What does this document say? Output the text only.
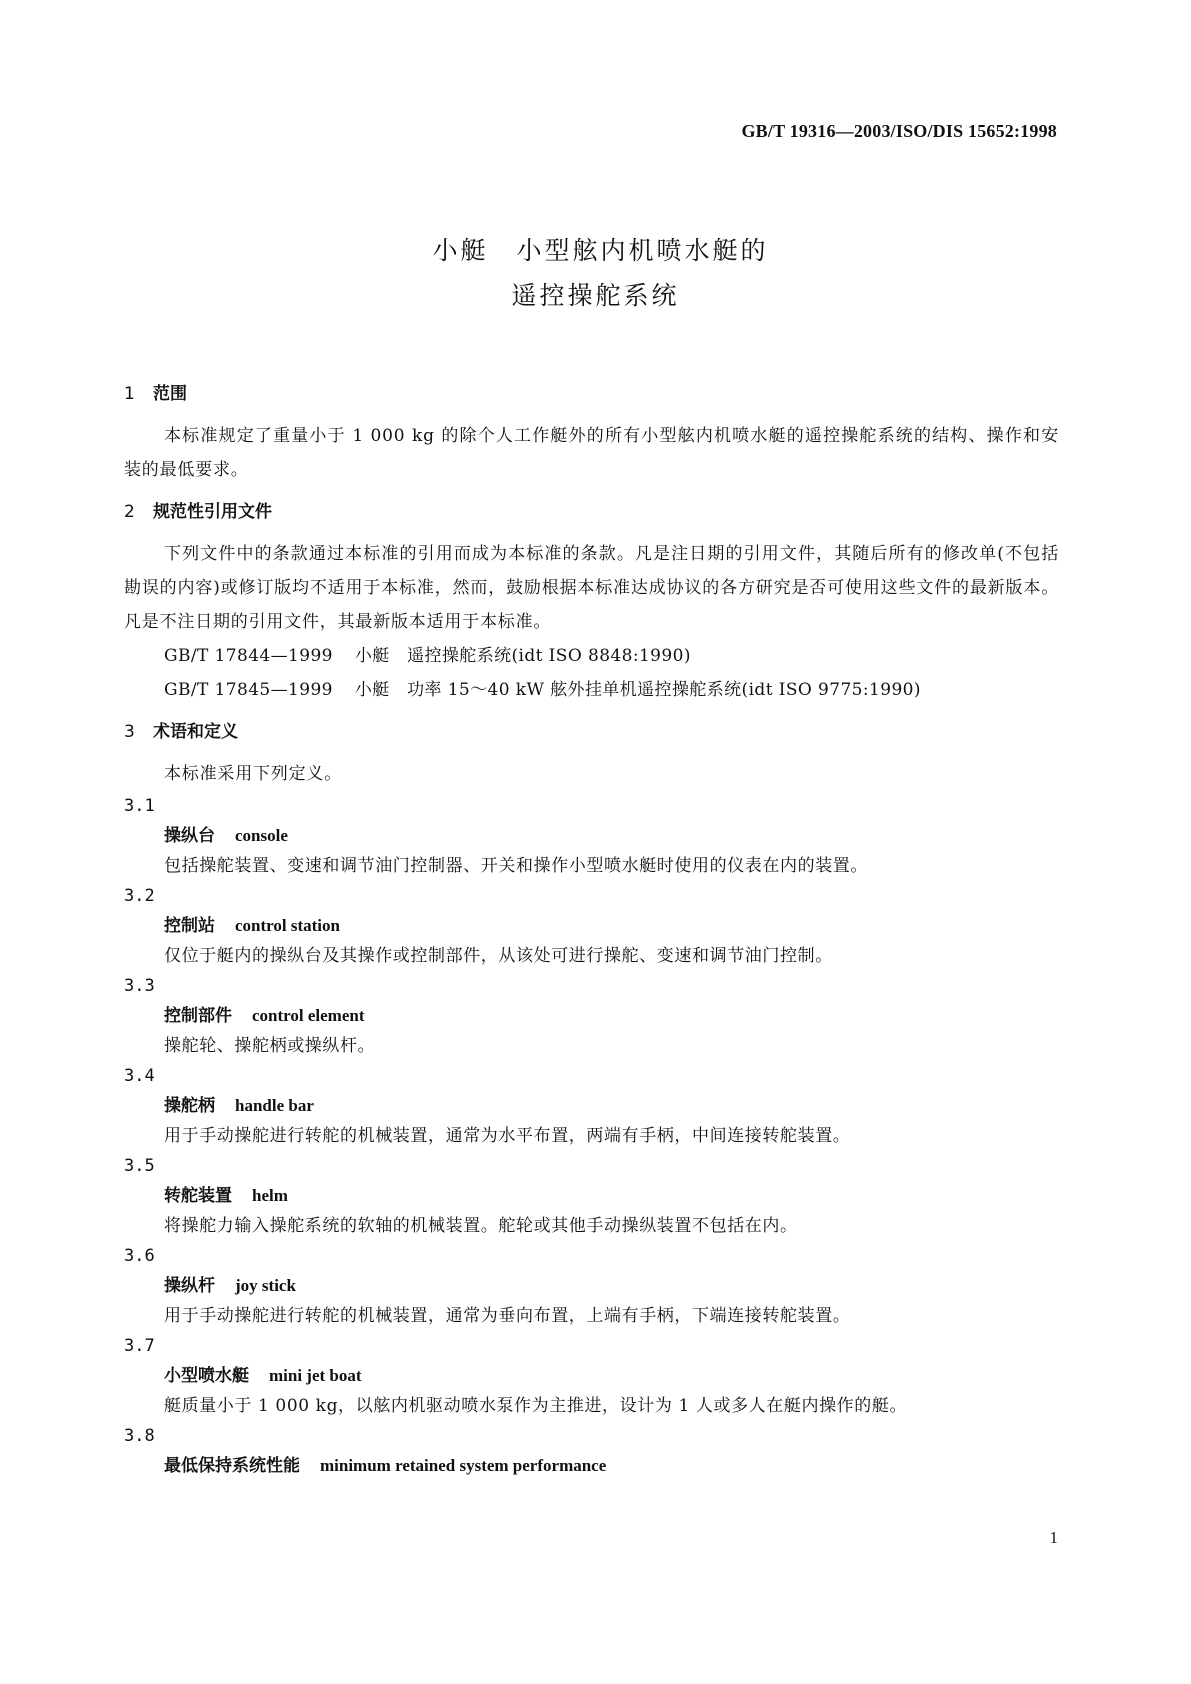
GB/T 19316—2003/ISO/DIS 15652:1998
小艇　小型舷内机喷水艇的
遥控操舵系统
1 范围
本标准规定了重量小于 1 000 kg 的除个人工作艇外的所有小型舷内机喷水艇的遥控操舵系统的结构、操作和安装的最低要求。
2 规范性引用文件
下列文件中的条款通过本标准的引用而成为本标准的条款。凡是注日期的引用文件，其随后所有的修改单(不包括勘误的内容)或修订版均不适用于本标准，然而，鼓励根据本标准达成协议的各方研究是否可使用这些文件的最新版本。凡是不注日期的引用文件，其最新版本适用于本标准。
GB/T 17844—1999 小艇　遥控操舵系统(idt ISO 8848:1990)
GB/T 17845—1999 小艇　功率 15～40 kW 舷外挂单机遥控操舵系统(idt ISO 9775:1990)
3 术语和定义
本标准采用下列定义。
3.1
操纵台 console
包括操舵装置、变速和调节油门控制器、开关和操作小型喷水艇时使用的仪表在内的装置。
3.2
控制站 control station
仅位于艇内的操纵台及其操作或控制部件，从该处可进行操舵、变速和调节油门控制。
3.3
控制部件 control element
操舵轮、操舵柄或操纵杆。
3.4
操舵柄 handle bar
用于手动操舵进行转舵的机械装置，通常为水平布置，两端有手柄，中间连接转舵装置。
3.5
转舵装置 helm
将操舵力输入操舵系统的软轴的机械装置。舵轮或其他手动操纵装置不包括在内。
3.6
操纵杆 joy stick
用于手动操舵进行转舵的机械装置，通常为垂向布置，上端有手柄，下端连接转舵装置。
3.7
小型喷水艇 mini jet boat
艇质量小于 1 000 kg，以舷内机驱动喷水泵作为主推进，设计为 1 人或多人在艇内操作的艇。
3.8
最低保持系统性能 minimum retained system performance
1
